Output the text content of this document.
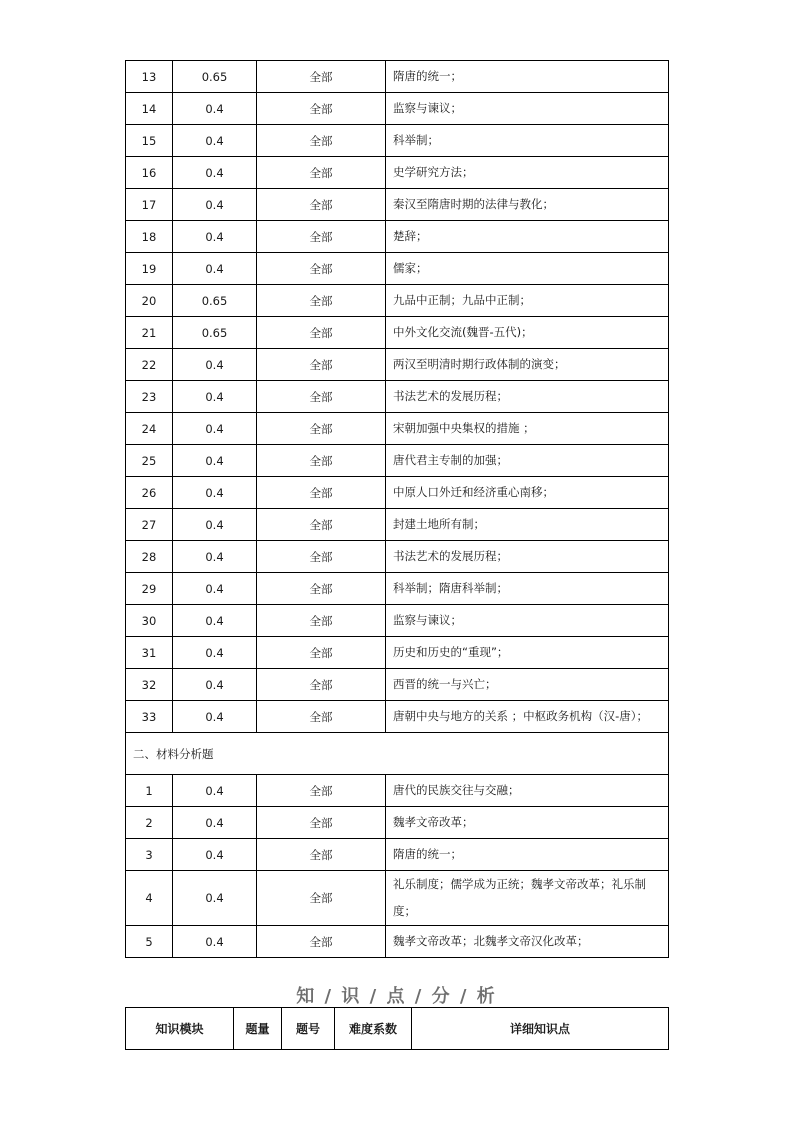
13	0.65	全部	隋唐的统一；
14	0.4	全部	监察与谏议；
15	0.4	全部	科举制；
16	0.4	全部	史学研究方法；
17	0.4	全部	秦汉至隋唐时期的法律与教化；
18	0.4	全部	楚辞；
19	0.4	全部	儒家；
20	0.65	全部	九品中正制；九品中正制；
21	0.65	全部	中外文化交流(魏晋-五代)；
22	0.4	全部	两汉至明清时期行政体制的演变；
23	0.4	全部	书法艺术的发展历程；
24	0.4	全部	宋朝加强中央集权的措施 ；
25	0.4	全部	唐代君主专制的加强；
26	0.4	全部	中原人口外迁和经济重心南移；
27	0.4	全部	封建土地所有制；
28	0.4	全部	书法艺术的发展历程；
29	0.4	全部	科举制；隋唐科举制；
30	0.4	全部	监察与谏议；
31	0.4	全部	历史和历史的“重现”；
32	0.4	全部	西晋的统一与兴亡；
33	0.4	全部	唐朝中央与地方的关系 ；中枢政务机构（汉-唐）；
二、材料分析题			
1	0.4	全部	唐代的民族交往与交融；
2	0.4	全部	魏孝文帝改革；
3	0.4	全部	隋唐的统一；
4	0.4	全部	礼乐制度；儒学成为正统；魏孝文帝改革；礼乐制度；
5	0.4	全部	魏孝文帝改革；北魏孝文帝汉化改革；
知 / 识 / 点 / 分 / 析
知识模块	题量	题号	难度系数	详细知识点
